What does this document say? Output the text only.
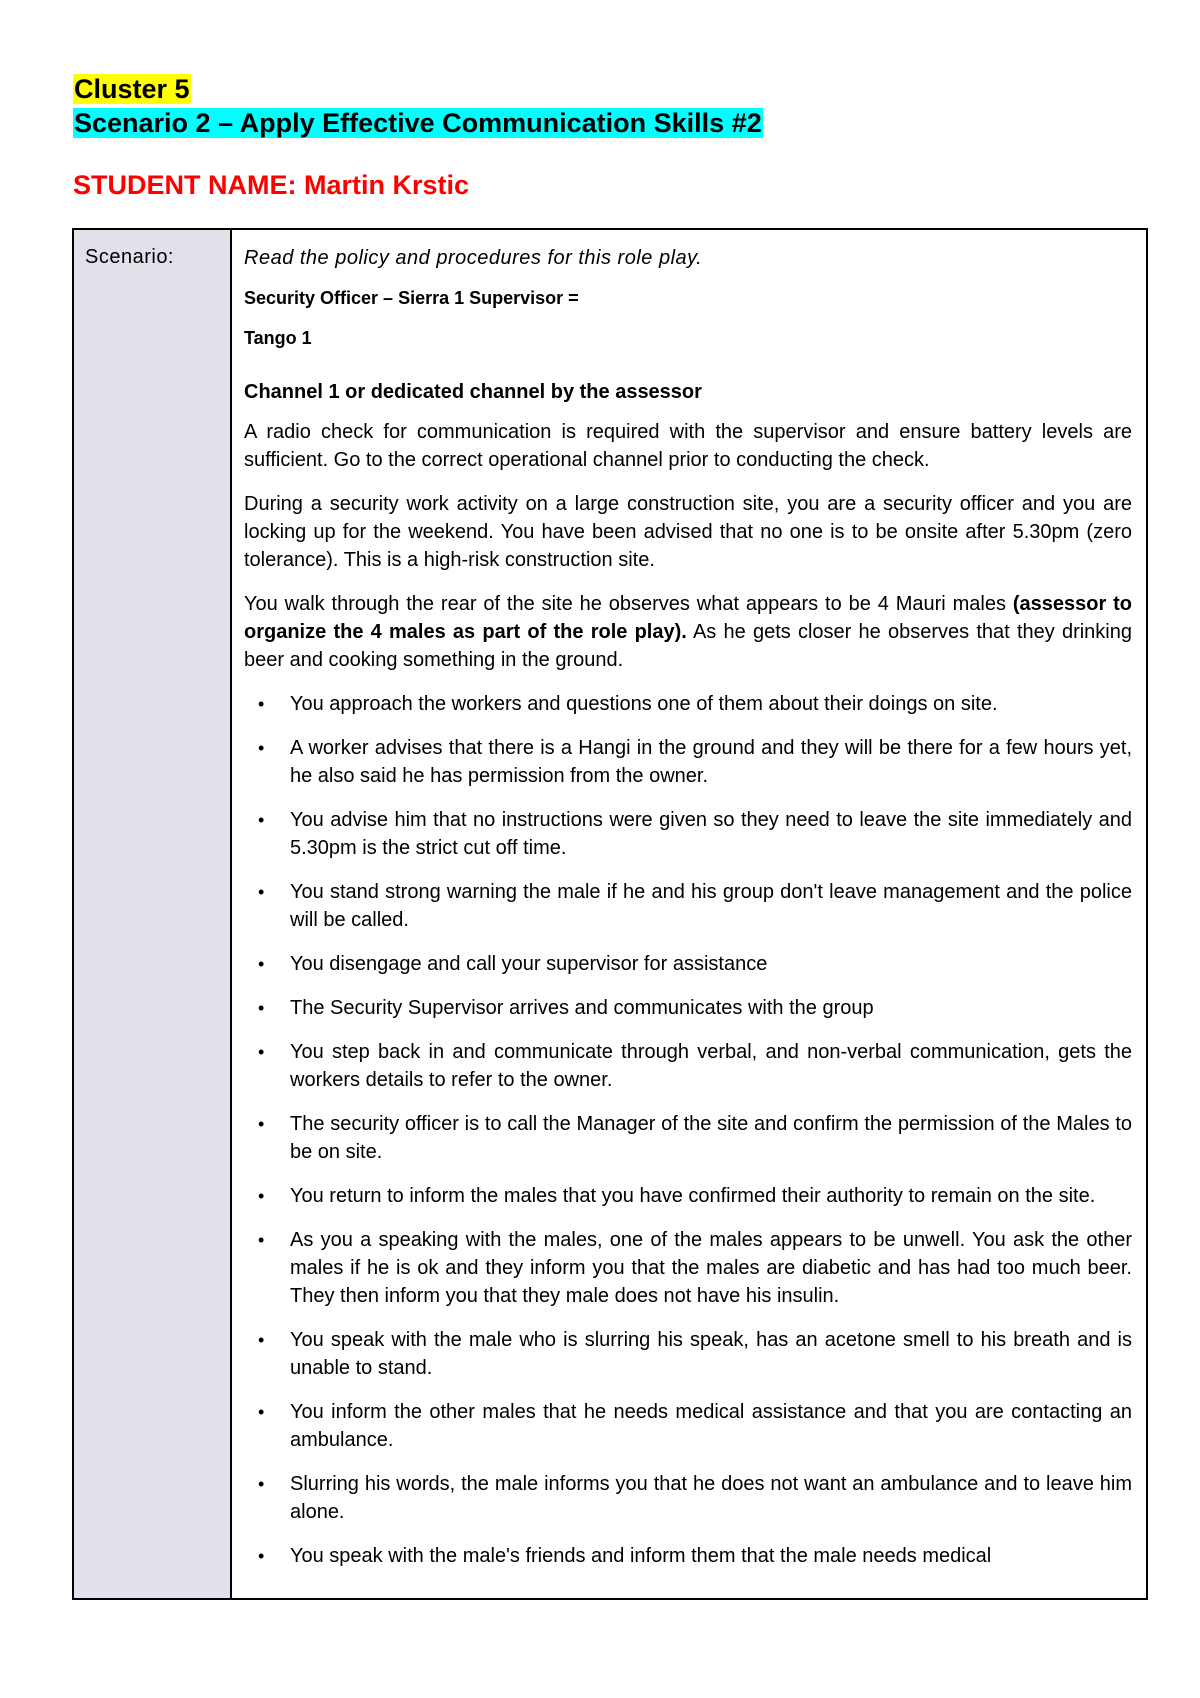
Cluster 5
Scenario 2 – Apply Effective Communication Skills #2
STUDENT NAME: Martin Krstic
Scenario:	Read the policy and procedures for this role play.

Security Officer – Sierra 1 Supervisor =

Tango 1

Channel 1 or dedicated channel by the assessor

A radio check for communication is required with the supervisor and ensure battery levels are sufficient. Go to the correct operational channel prior to conducting the check.

During a security work activity on a large construction site, you are a security officer and you are locking up for the weekend. You have been advised that no one is to be onsite after 5.30pm (zero tolerance). This is a high-risk construction site.

You walk through the rear of the site he observes what appears to be 4 Mauri males (assessor to organize the 4 males as part of the role play). As he gets closer he observes that they drinking beer and cooking something in the ground.

• You approach the workers and questions one of them about their doings on site.
• A worker advises that there is a Hangi in the ground and they will be there for a few hours yet, he also said he has permission from the owner.
• You advise him that no instructions were given so they need to leave the site immediately and 5.30pm is the strict cut off time.
• You stand strong warning the male if he and his group don't leave management and the police will be called.
• You disengage and call your supervisor for assistance
• The Security Supervisor arrives and communicates with the group
• You step back in and communicate through verbal, and non-verbal communication, gets the workers details to refer to the owner.
• The security officer is to call the Manager of the site and confirm the permission of the Males to be on site.
• You return to inform the males that you have confirmed their authority to remain on the site.
• As you a speaking with the males, one of the males appears to be unwell. You ask the other males if he is ok and they inform you that the males are diabetic and has had too much beer. They then inform you that they male does not have his insulin.
• You speak with the male who is slurring his speak, has an acetone smell to his breath and is unable to stand.
• You inform the other males that he needs medical assistance and that you are contacting an ambulance.
• Slurring his words, the male informs you that he does not want an ambulance and to leave him alone.
• You speak with the male's friends and inform them that the male needs medical
